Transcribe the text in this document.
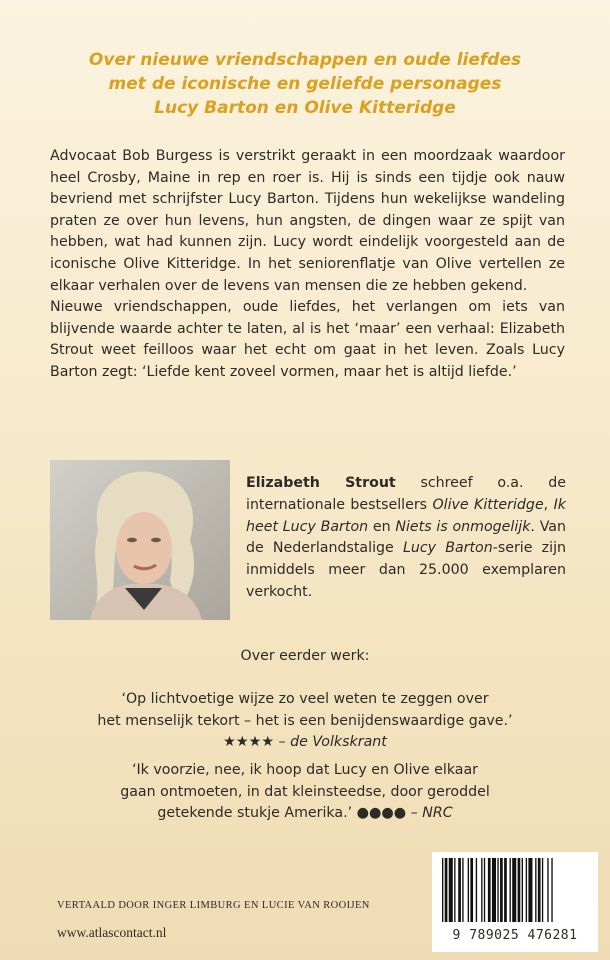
Over nieuwe vriendschappen en oude liefdes
met de iconische en geliefde personages
Lucy Barton en Olive Kitteridge

Advocaat Bob Burgess is verstrikt geraakt in een moordzaak waardoor heel Crosby, Maine in rep en roer is. Hij is sinds een tijdje ook nauw bevriend met schrijfster Lucy Barton. Tijdens hun wekelijkse wandeling praten ze over hun levens, hun angsten, de dingen waar ze spijt van hebben, wat had kunnen zijn. Lucy wordt eindelijk voorgesteld aan de iconische Olive Kitteridge. In het seniorenflatje van Olive vertellen ze elkaar verhalen over de levens van mensen die ze hebben gekend.

Nieuwe vriendschappen, oude liefdes, het verlangen om iets van blijvende waarde achter te laten, al is het ‘maar’ een verhaal: Elizabeth Strout weet feilloos waar het echt om gaat in het leven. Zoals Lucy Barton zegt: ‘Liefde kent zoveel vormen, maar het is altijd liefde.’

Elizabeth Strout schreef o.a. de internationale bestsellers Olive Kitteridge, Ik heet Lucy Barton en Niets is onmogelijk. Van de Nederlandstalige Lucy Barton-serie zijn inmiddels meer dan 25.000 exemplaren verkocht.
Over eerder werk:
‘Op lichtvoetige wijze zo veel weten te zeggen over
het menselijk tekort – het is een benijdenswaardige gave.’
★★★★ – de Volkskrant
‘Ik voorzie, nee, ik hoop dat Lucy en Olive elkaar
gaan ontmoeten, in dat kleinsteedse, door geroddel
getekende stukje Amerika.’ ●●●● – NRC
VERTAALD DOOR INGER LIMBURG EN LUCIE VAN ROOIJEN
www.atlascontact.nl	9 789025 476281
